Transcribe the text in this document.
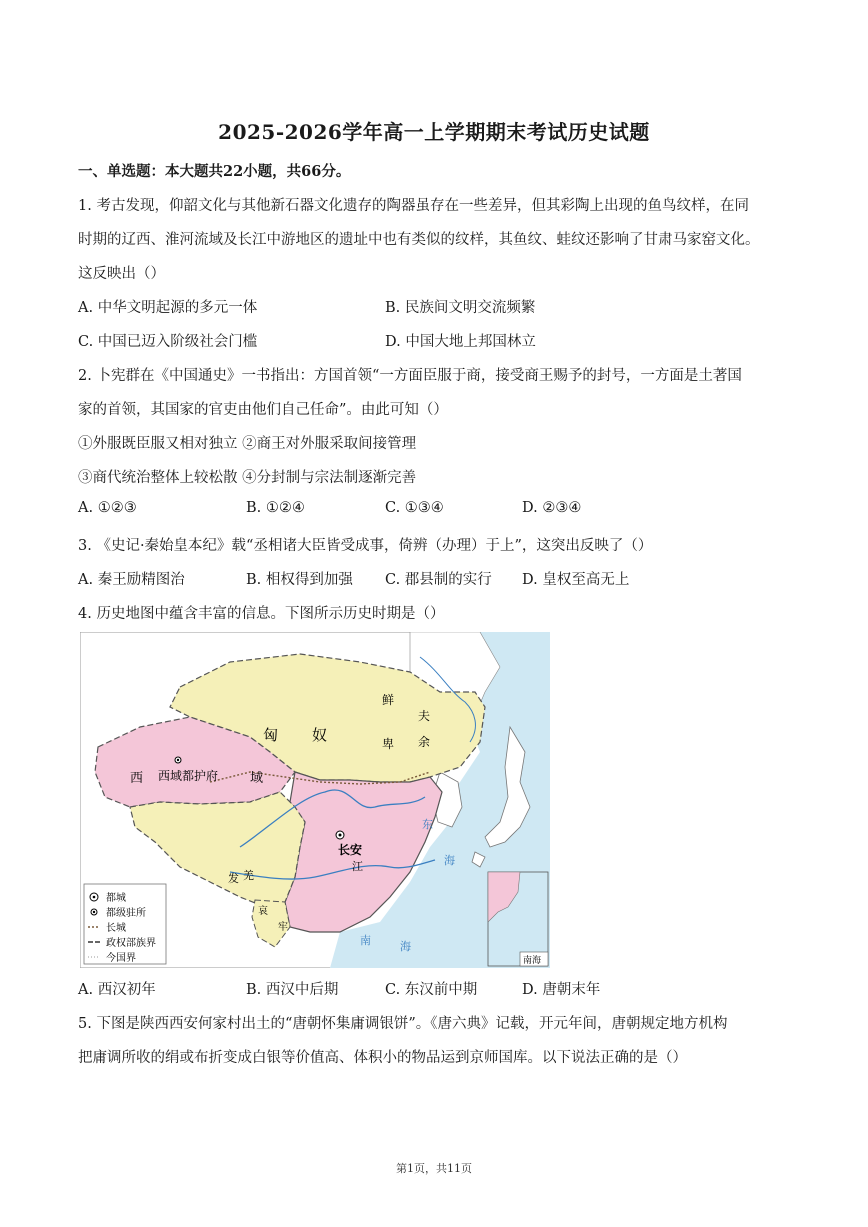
2025-2026学年高一上学期期末考试历史试题
一、单选题：本大题共22小题，共66分。
1. 考古发现，仰韶文化与其他新石器文化遗存的陶器虽存在一些差异，但其彩陶上出现的鱼鸟纹样，在同
时期的辽西、淮河流域及长江中游地区的遗址中也有类似的纹样，其鱼纹、蛙纹还影响了甘肃马家窑文化。
这反映出（）
A. 中华文明起源的多元一体	B. 民族间文明交流频繁
C. 中国已迈入阶级社会门槛	D. 中国大地上邦国林立
2. 卜宪群在《中国通史》一书指出：方国首领“一方面臣服于商，接受商王赐予的封号，一方面是土著国
家的首领，其国家的官吏由他们自己任命”。由此可知（）
①外服既臣服又相对独立 ②商王对外服采取间接管理
③商代统治整体上较松散 ④分封制与宗法制逐渐完善
A. ①②③	B. ①②④	C. ①③④	D. ②③④
3. 《史记·秦始皇本纪》载“丞相诸大臣皆受成事，倚辨（办理）于上”，这突出反映了（）
A. 秦王励精图治	B. 相权得到加强 C. 郡县制的实行 D. 皇权至高无上
4. 历史地图中蕴含丰富的信息。下图所示历史时期是（）
匈 奴
鲜
卑
夫
余
西 西域都护府 域
长安
江
发 羌
哀
牢
东
海
南	海
都城
都级驻所
长城
政权部族界
今国界	南海
A. 西汉初年	B. 西汉中后期	C. 东汉前中期	D. 唐朝末年
5. 下图是陕西西安何家村出土的“唐朝怀集庸调银饼”。《唐六典》记载，开元年间，唐朝规定地方机构
把庸调所收的绢或布折变成白银等价值高、体积小的物品运到京师国库。以下说法正确的是（）
第1页，共11页
